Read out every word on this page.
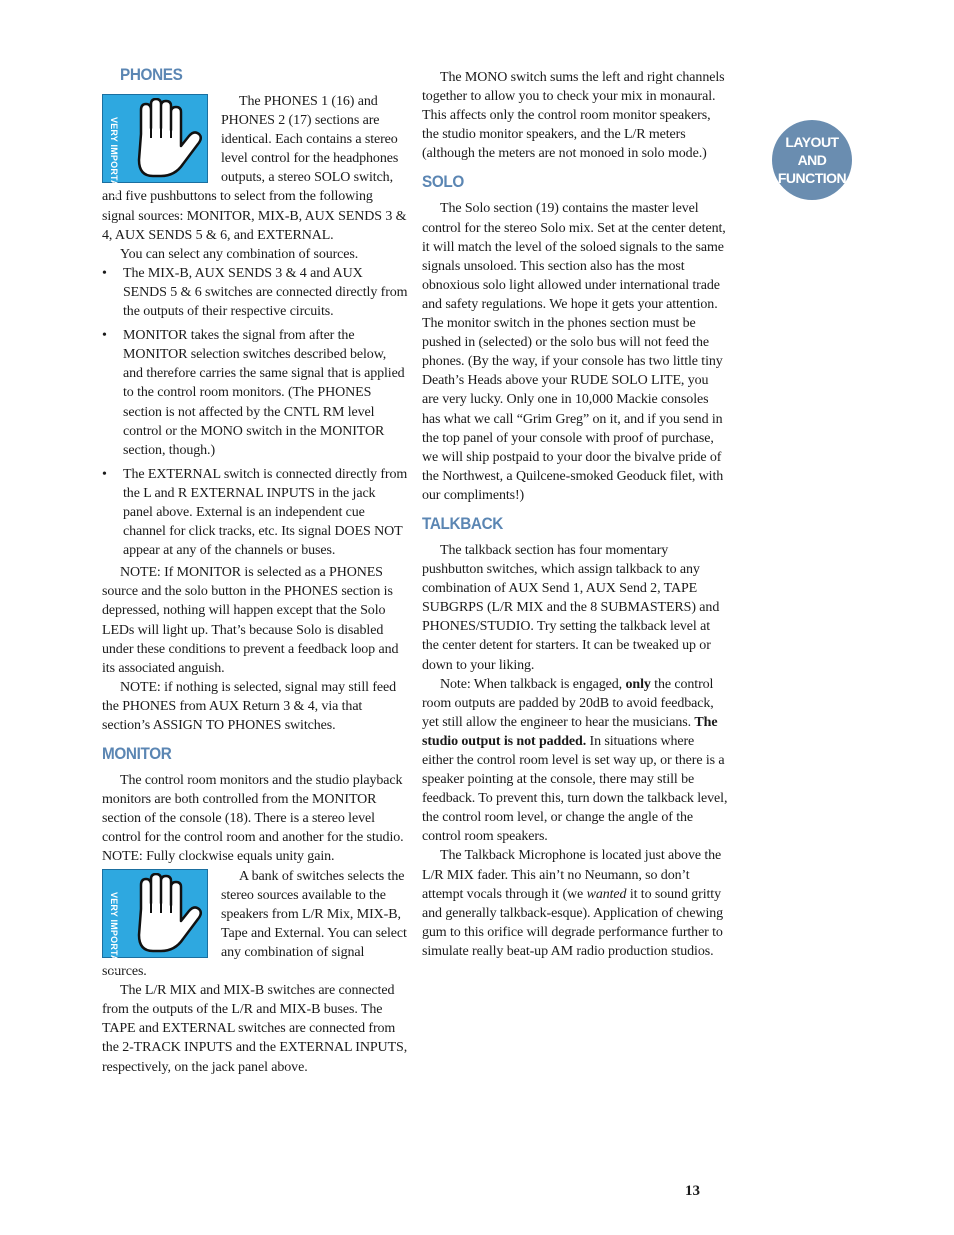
PHONES

VERY IMPORTANT
The PHONES 1 (16) and PHONES 2 (17) sections are identical. Each contains a stereo level control for the headphones outputs, a stereo SOLO switch, and five pushbuttons to select from the following signal sources: MONITOR, MIX-B, AUX SENDS 3 & 4, AUX SENDS 5 & 6, and EXTERNAL.

You can select any combination of sources.

• The MIX-B, AUX SENDS 3 & 4 and AUX SENDS 5 & 6 switches are connected directly from the outputs of their respective circuits.
• MONITOR takes the signal from after the MONITOR selection switches described below, and therefore carries the same signal that is applied to the control room monitors. (The PHONES section is not affected by the CNTL RM level control or the MONO switch in the MONITOR section, though.)
• The EXTERNAL switch is connected directly from the L and R EXTERNAL INPUTS in the jack panel above. External is an independent cue channel for click tracks, etc. Its signal DOES NOT appear at any of the channels or buses.

NOTE: If MONITOR is selected as a PHONES source and the solo button in the PHONES section is depressed, nothing will happen except that the Solo LEDs will light up. That’s because Solo is disabled under these conditions to prevent a feedback loop and its associated anguish.

NOTE: if nothing is selected, signal may still feed the PHONES from AUX Return 3 & 4, via that section’s ASSIGN TO PHONES switches.

MONITOR

The control room monitors and the studio playback monitors are both controlled from the MONITOR section of the console (18). There is a stereo level control for the control room and another for the studio. NOTE: Fully clockwise equals unity gain.

VERY IMPORTANT
A bank of switches selects the stereo sources available to the speakers from L/R Mix, MIX-B, Tape and External. You can select any combination of signal sources.

The L/R MIX and MIX-B switches are connected from the outputs of the L/R and MIX-B buses. The TAPE and EXTERNAL switches are connected from the 2-TRACK INPUTS and the EXTERNAL INPUTS, respectively, on the jack panel above.

The MONO switch sums the left and right channels together to allow you to check your mix in monaural. This affects only the control room monitor speakers, the studio monitor speakers, and the L/R meters (although the meters are not monoed in solo mode.)

SOLO

The Solo section (19) contains the master level control for the stereo Solo mix. Set at the center detent, it will match the level of the soloed signals to the same signals unsoloed. This section also has the most obnoxious solo light allowed under international trade and safety regulations. We hope it gets your attention. The monitor switch in the phones section must be pushed in (selected) or the solo bus will not feed the phones. (By the way, if your console has two little tiny Death’s Heads above your RUDE SOLO LITE, you are very lucky. Only one in 10,000 Mackie consoles has what we call “Grim Greg” on it, and if you send in the top panel of your console with proof of purchase, we will ship postpaid to your door the bivalve pride of the Northwest, a Quilcene-smoked Geoduck filet, with our compliments!)

TALKBACK

The talkback section has four momentary pushbutton switches, which assign talkback to any combination of AUX Send 1, AUX Send 2, TAPE SUBGRPS (L/R MIX and the 8 SUBMASTERS) and PHONES/STUDIO. Try setting the talkback level at the center detent for starters. It can be tweaked up or down to your liking.

Note: When talkback is engaged, only the control room outputs are padded by 20dB to avoid feedback, yet still allow the engineer to hear the musicians. The studio output is not padded. In situations where either the control room level is set way up, or there is a speaker pointing at the console, there may still be feedback. To prevent this, turn down the talkback level, the control room level, or change the angle of the control room speakers.

The Talkback Microphone is located just above the L/R MIX fader. This ain’t no Neumann, so don’t attempt vocals through it (we wanted it to sound gritty and generally talkback-esque). Application of chewing gum to this orifice will degrade performance further to simulate really beat-up AM radio production studios.

LAYOUT
AND
FUNCTION
13
